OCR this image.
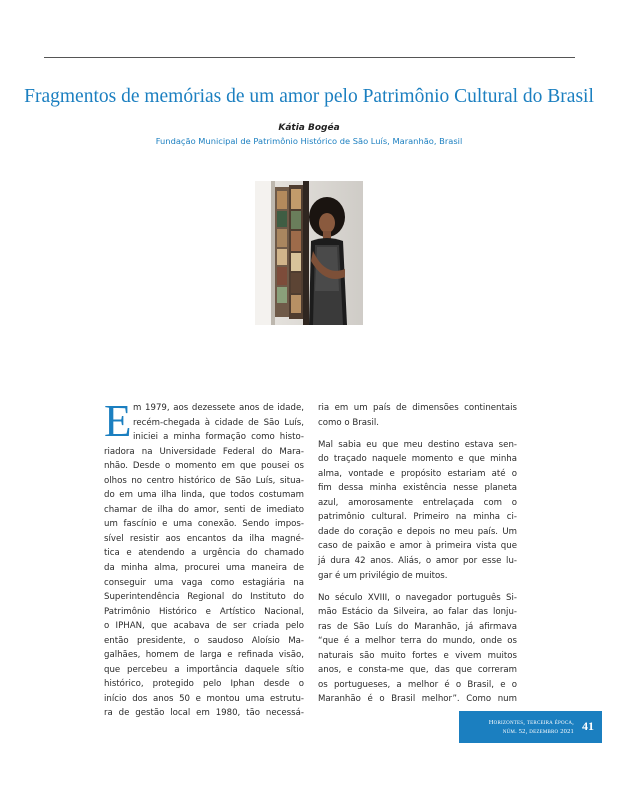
Fragmentos de memórias de um amor pelo Patrimônio Cultural do Brasil
Kátia Bogéa
Fundação Municipal de Patrimônio Histórico de São Luís, Maranhão, Brasil
E m 1979, aos dezessete anos de idade,

recém-chegada à cidade de São Luís,

iniciei a minha formação como histo-

riadora na Universidade Federal do Mara-

nhão. Desde o momento em que pousei os

olhos no centro histórico de São Luís, situa-

do em uma ilha linda, que todos costumam

chamar de ilha do amor, senti de imediato

um fascínio e uma conexão. Sendo impos-

sível resistir aos encantos da ilha magné-

tica e atendendo a urgência do chamado

da minha alma, procurei uma maneira de

conseguir uma vaga como estagiária na

Superintendência Regional do Instituto do

Patrimônio Histórico e Artístico Nacional,

o IPHAN, que acabava de ser criada pelo

então presidente, o saudoso Aloísio Ma-

galhães, homem de larga e refinada visão,

que percebeu a importância daquele sítio

histórico, protegido pelo Iphan desde o

início dos anos 50 e montou uma estrutu-

ra de gestão local em 1980, tão necessá-

ria em um país de dimensões continentais

como o Brasil.

Mal sabia eu que meu destino estava sen-

do traçado naquele momento e que minha

alma, vontade e propósito estariam até o

fim dessa minha existência nesse planeta

azul, amorosamente entrelaçada com o

patrimônio cultural. Primeiro na minha ci-

dade do coração e depois no meu país. Um

caso de paixão e amor à primeira vista que

já dura 42 anos. Aliás, o amor por esse lu-

gar é um privilégio de muitos.

No século XVIII, o navegador português Si-

mão Estácio da Silveira, ao falar das lonju-

ras de São Luís do Maranhão, já afirmava

“que é a melhor terra do mundo, onde os

naturais são muito fortes e vivem muitos

anos, e consta-me que, das que correram

os portugueses, a melhor é o Brasil, e o

Maranhão é o Brasil melhor”. Como num

Horizontes, terceira época,
núm. 52, dezembro 2021 41
